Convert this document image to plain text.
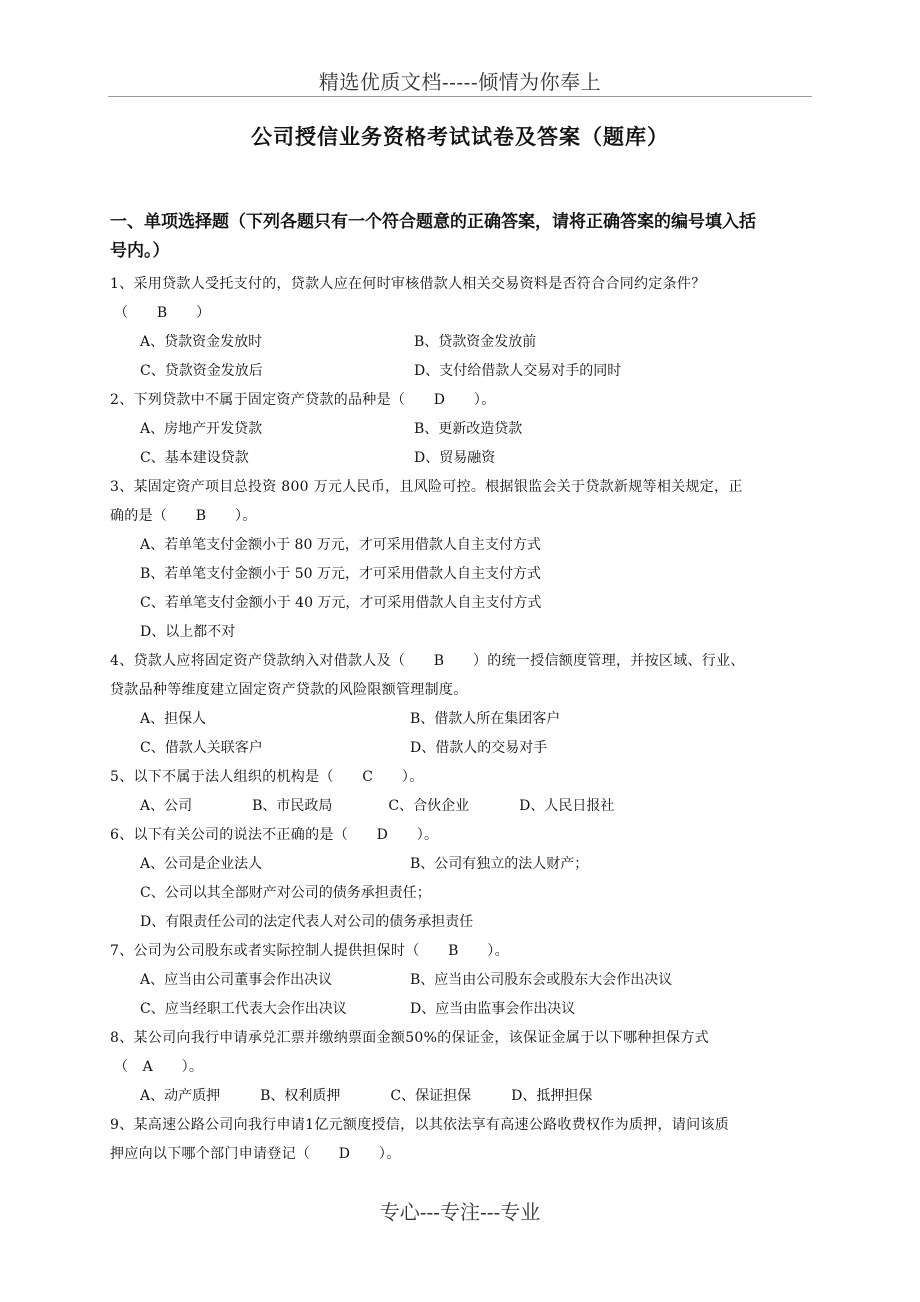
精选优质文档-----倾情为你奉上
公司授信业务资格考试试卷及答案（题库）
一、单项选择题（下列各题只有一个符合题意的正确答案，请将正确答案的编号填入括
号内。）

1、采用贷款人受托支付的，贷款人应在何时审核借款人相关交易资料是否符合合同约定条件？

（　　B　　）

A、贷款资金发放时	B、贷款资金发放前
C、贷款资金发放后	D、支付给借款人交易对手的同时

2、下列贷款中不属于固定资产贷款的品种是（　　D　　）。

A、房地产开发贷款	B、更新改造贷款
C、基本建设贷款	D、贸易融资

3、某固定资产项目总投资 800 万元人民币，且风险可控。根据银监会关于贷款新规等相关规定，正

确的是（　　B　　）。

A、若单笔支付金额小于 80 万元，才可采用借款人自主支付方式
B、若单笔支付金额小于 50 万元，才可采用借款人自主支付方式
C、若单笔支付金额小于 40 万元，才可采用借款人自主支付方式
D、以上都不对

4、贷款人应将固定资产贷款纳入对借款人及（　　B　　）的统一授信额度管理，并按区域、行业、

贷款品种等维度建立固定资产贷款的风险限额管理制度。

A、担保人	B、借款人所在集团客户
C、借款人关联客户	D、借款人的交易对手

5、以下不属于法人组织的机构是（　　C　　）。

A、公司	B、市民政局	C、合伙企业	D、人民日报社

6、以下有关公司的说法不正确的是（　　D　　）。

A、公司是企业法人	B、公司有独立的法人财产；
C、公司以其全部财产对公司的债务承担责任；
D、有限责任公司的法定代表人对公司的债务承担责任

7、公司为公司股东或者实际控制人提供担保时（　　B　　）。

A、应当由公司董事会作出决议	B、应当由公司股东会或股东大会作出决议
C、应当经职工代表大会作出决议	D、应当由监事会作出决议

8、某公司向我行申请承兑汇票并缴纳票面金额50%的保证金，该保证金属于以下哪种担保方式

（　A　　）。

A、动产质押	B、权利质押	C、保证担保	D、抵押担保

9、某高速公路公司向我行申请1亿元额度授信，以其依法享有高速公路收费权作为质押，请问该质

押应向以下哪个部门申请登记（　　D　　）。

专心---专注---专业
